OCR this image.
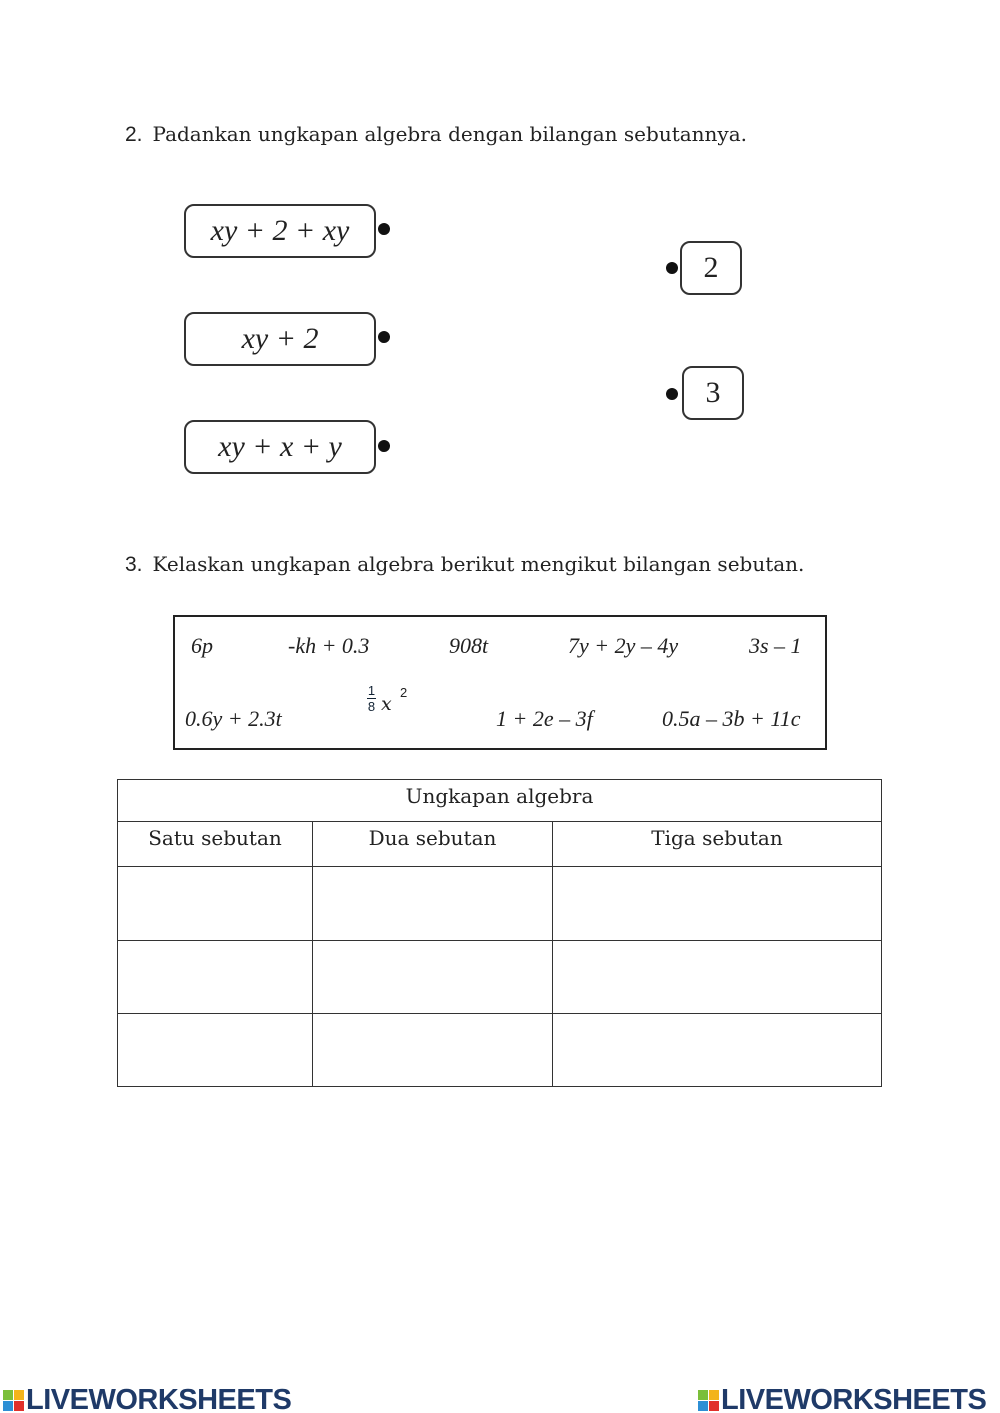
2. Padankan ungkapan algebra dengan bilangan sebutannya.
xy + 2 + xy
xy + 2
xy + x + y
2
3
3. Kelaskan ungkapan algebra berikut mengikut bilangan sebutan.
6p	-kh + 0.3	908t	7y + 2y – 4y	3s – 1
0.6y + 2.3t
$\frac{1}{8}$ x
2
1 + 2e – 3f	0.5a – 3b + 11c
Ungkapan algebra		
Satu sebutan	Dua sebutan	Tiga sebutan

LIVEWORKSHEETS	LIVEWORKSHEETS
